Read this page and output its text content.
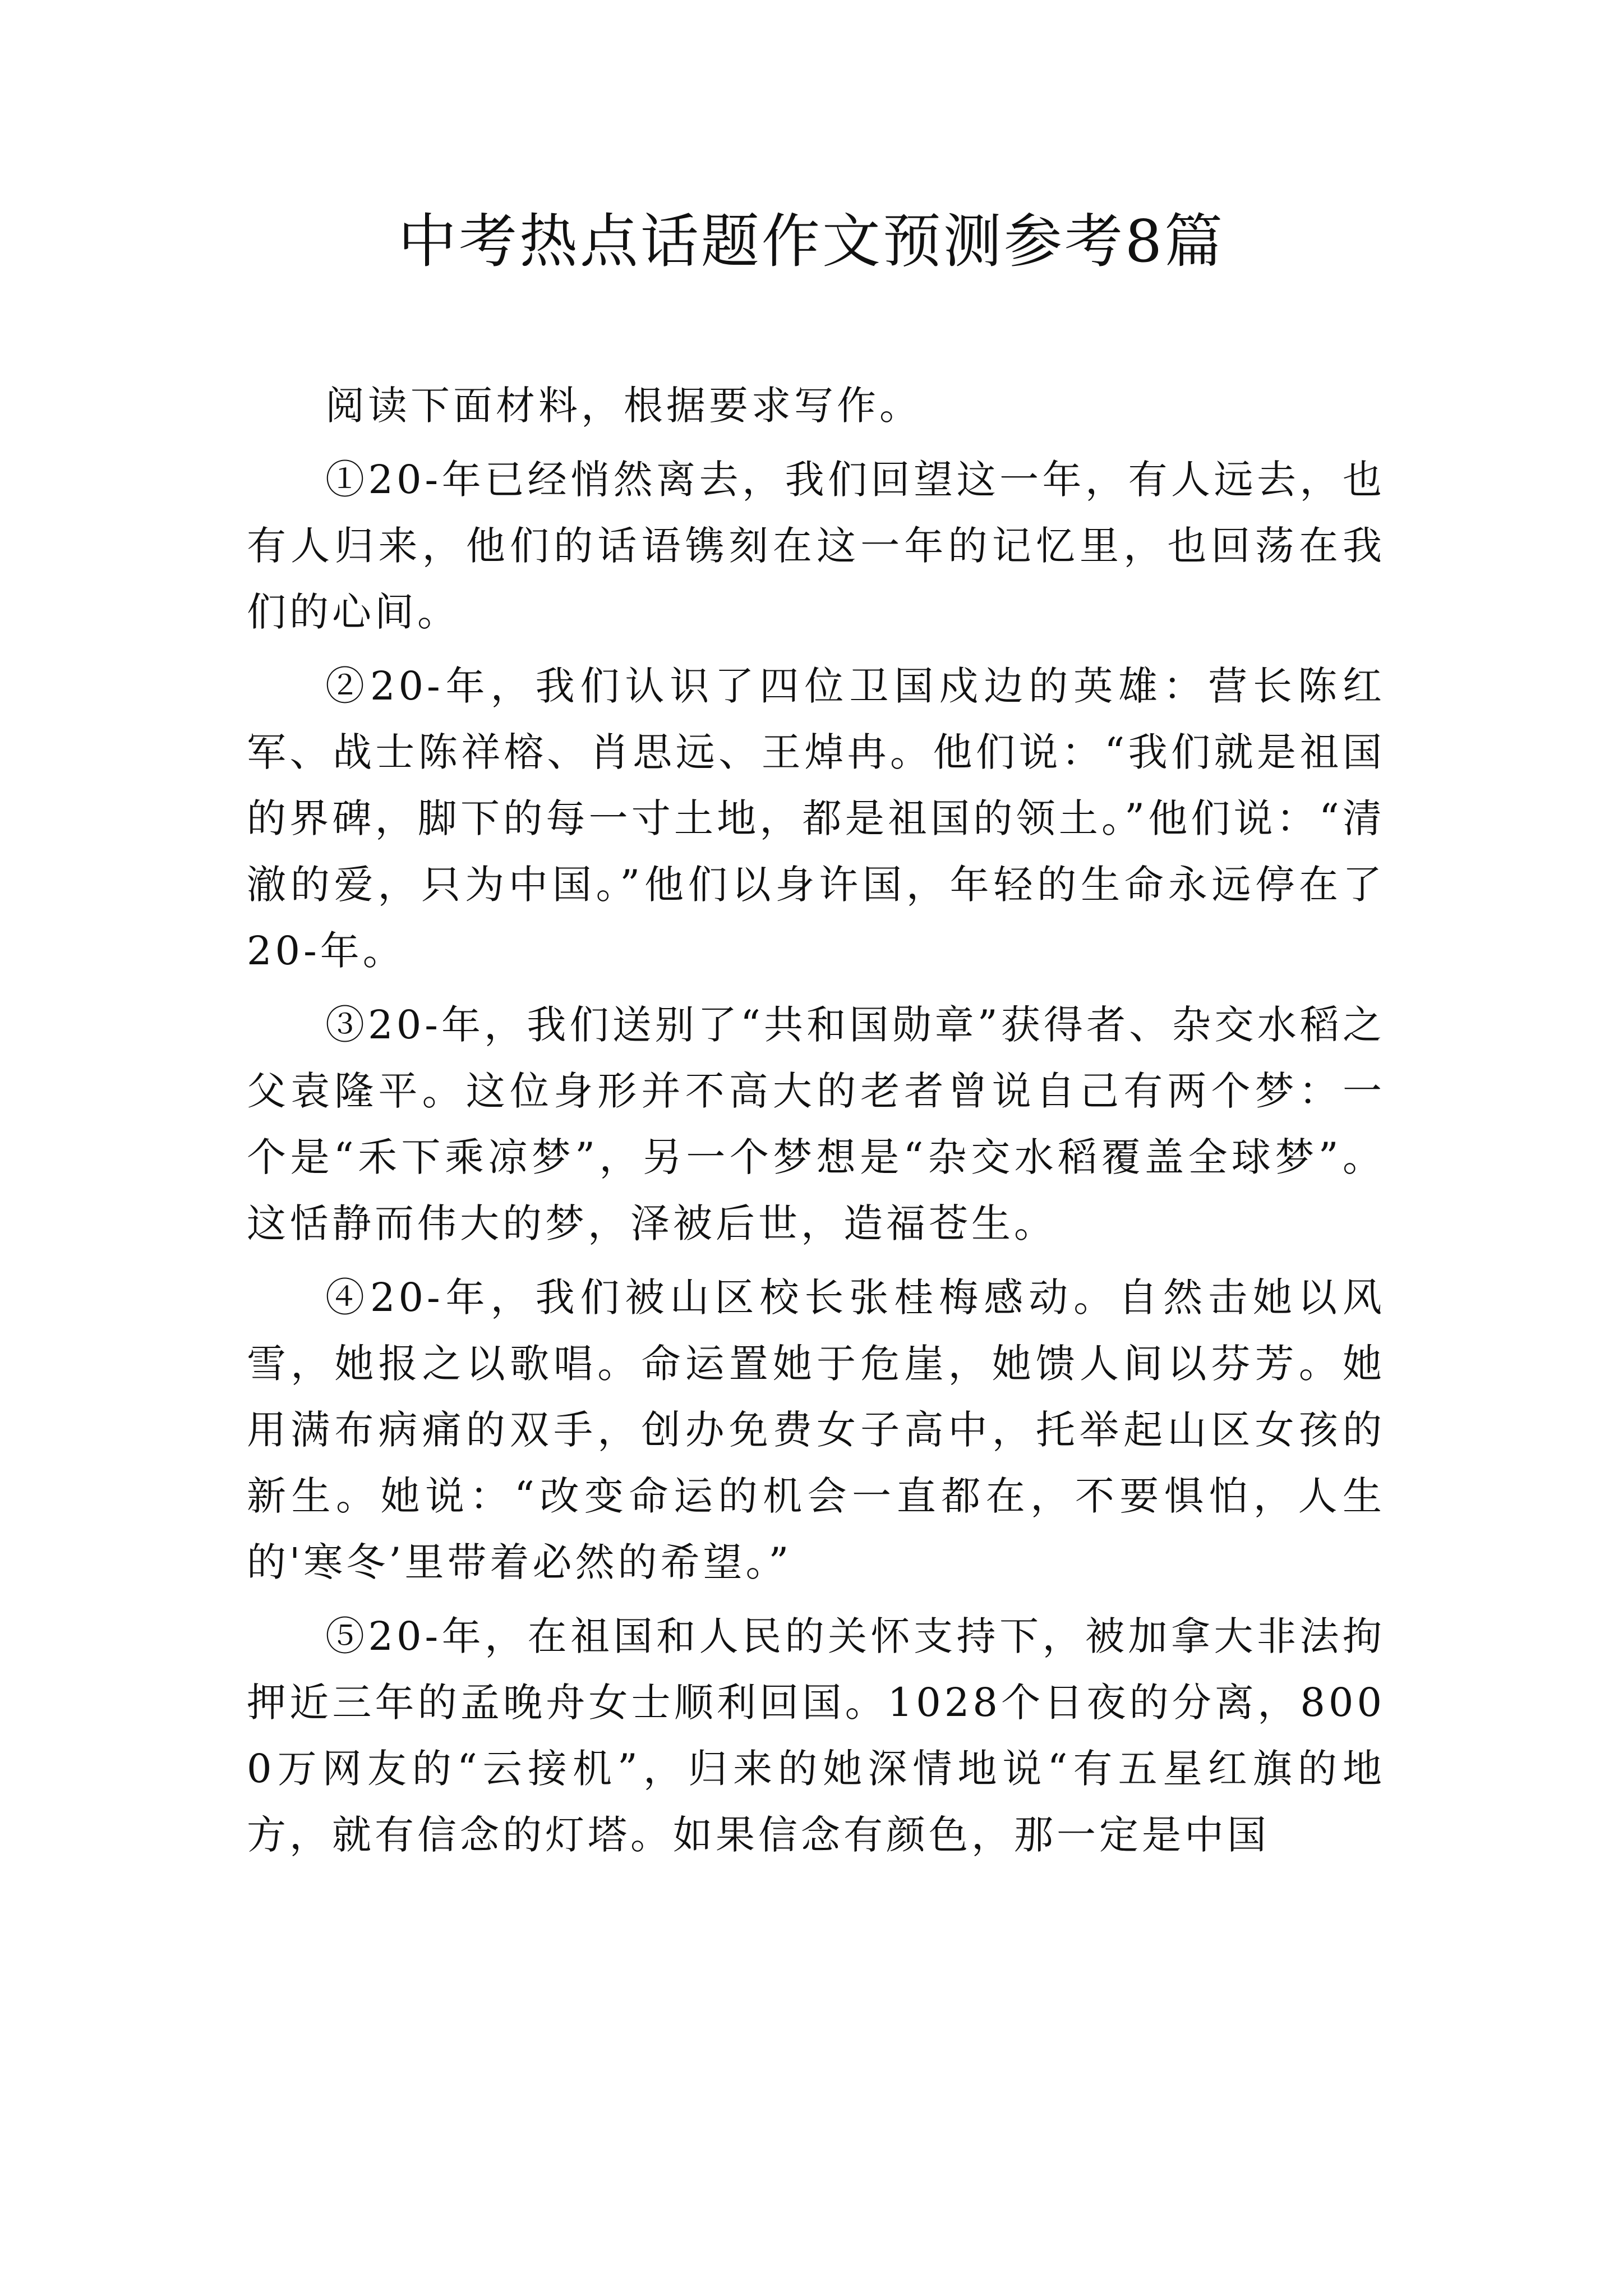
中考热点话题作文预测参考8篇

阅读下面材料，根据要求写作。

①20-年已经悄然离去，我们回望这一年，有人远去，也有人归来，他们的话语镌刻在这一年的记忆里，也回荡在我们的心间。

②20-年，我们认识了四位卫国戍边的英雄：营长陈红军、战士陈祥榕、肖思远、王焯冉。他们说：“我们就是祖国的界碑，脚下的每一寸土地，都是祖国的领土。”他们说：“清澈的爱，只为中国。”他们以身许国，年轻的生命永远停在了20-年。

③20-年，我们送别了“共和国勋章”获得者、杂交水稻之父袁隆平。这位身形并不高大的老者曾说自己有两个梦：一个是“禾下乘凉梦”，另一个梦想是“杂交水稻覆盖全球梦”。这恬静而伟大的梦，泽被后世，造福苍生。

④20-年，我们被山区校长张桂梅感动。自然击她以风雪，她报之以歌唱。命运置她于危崖，她馈人间以芬芳。她用满布病痛的双手，创办免费女子高中，托举起山区女孩的新生。她说：“改变命运的机会一直都在，不要惧怕，人生的'寒冬’里带着必然的希望。”

⑤20-年，在祖国和人民的关怀支持下，被加拿大非法拘押近三年的孟晚舟女士顺利回国。1028个日夜的分离，8000万网友的“云接机”，归来的她深情地说“有五星红旗的地方，就有信念的灯塔。如果信念有颜色，那一定是中国
